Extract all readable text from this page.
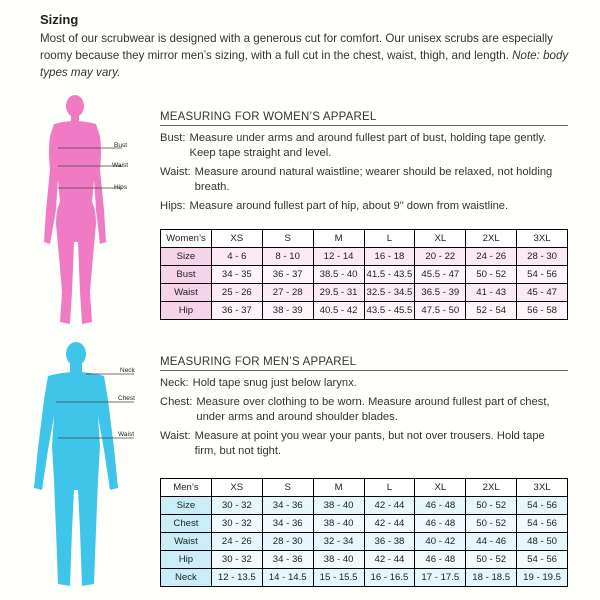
Sizing

Most of our scrubwear is designed with a generous cut for comfort. Our unisex scrubs are especially roomy because they mirror men’s sizing, with a full cut in the chest, waist, thigh, and length. Note: body types may vary.

Bust
Waist
Hips
MEASURING FOR WOMEN’S APPAREL
Bust: Measure under arms and around fullest part of bust, holding tape gently. Keep tape straight and level.
Waist: Measure around natural waistline; wearer should be relaxed, not holding breath.
Hips: Measure around fullest part of hip, about 9" down from waistline.
Women’s	XS	S	M	L	XL	2XL	3XL
Size	4 - 6	8 - 10	12 - 14	16 - 18	20 - 22	24 - 26	28 - 30
Bust	34 - 35	36 - 37	38.5 - 40	41.5 - 43.5	45.5 - 47	50 - 52	54 - 56
Waist	25 - 26	27 - 28	29.5 - 31	32.5 - 34.5	36.5 - 39	41 - 43	45 - 47
Hip	36 - 37	38 - 39	40.5 - 42	43.5 - 45.5	47.5 - 50	52 - 54	56 - 58
Neck
Chest
Waist
MEASURING FOR MEN’S APPAREL
Neck: Hold tape snug just below larynx.
Chest: Measure over clothing to be worn. Measure around fullest part of chest, under arms and around shoulder blades.
Waist: Measure at point you wear your pants, but not over trousers. Hold tape firm, but not tight.
Men’s	XS	S	M	L	XL	2XL	3XL
Size	30 - 32	34 - 36	38 - 40	42 - 44	46 - 48	50 - 52	54 - 56
Chest	30 - 32	34 - 36	38 - 40	42 - 44	46 - 48	50 - 52	54 - 56
Waist	24 - 26	28 - 30	32 - 34	36 - 38	40 - 42	44 - 46	48 - 50
Hip	30 - 32	34 - 36	38 - 40	42 - 44	46 - 48	50 - 52	54 - 56
Neck	12 - 13.5	14 - 14.5	15 - 15.5	16 - 16.5	17 - 17.5	18 - 18.5	19 - 19.5
